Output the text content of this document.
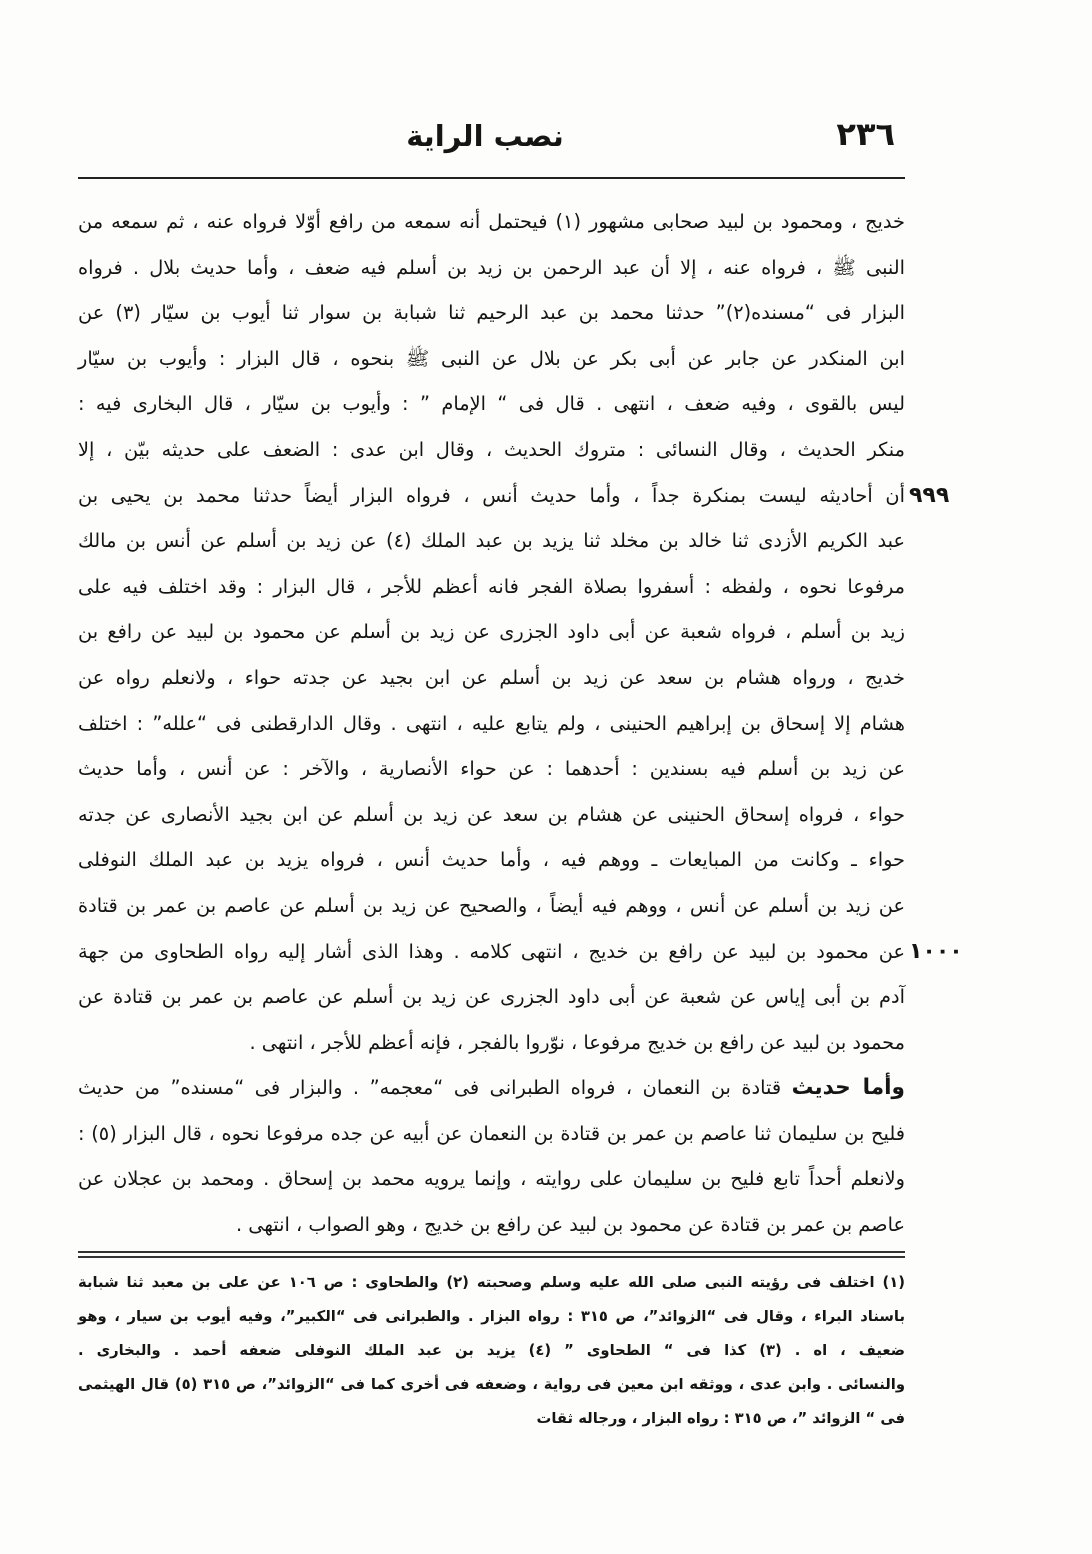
٢٣٦
نصب الراية
خديج ، ومحمود بن لبيد صحابى مشهور (١) فيحتمل أنه سمعه من رافع أوّلا فرواه عنه ، ثم سمعه من
النبى ﷺ ، فرواه عنه ، إلا أن عبد الرحمن بن زيد بن أسلم فيه ضعف ، وأما حديث بلال . فرواه
البزار فى “مسنده(٢)” حدثنا محمد بن عبد الرحيم ثنا شبابة بن سوار ثنا أيوب بن سيّار (٣) عن
ابن المنكدر عن جابر عن أبى بكر عن بلال عن النبى ﷺ بنحوه ، قال البزار : وأيوب بن سيّار
ليس بالقوى ، وفيه ضعف ، انتهى . قال فى “ الإمام ” : وأيوب بن سيّار ، قال البخارى فيه :
منكر الحديث ، وقال النسائى : متروك الحديث ، وقال ابن عدى : الضعف على حديثه بيّن ، إلا
أن أحاديثه ليست بمنكرة جداً ، وأما حديث أنس ، فرواه البزار أيضاً حدثنا محمد بن يحيى بن ٩٩٩
عبد الكريم الأزدى ثنا خالد بن مخلد ثنا يزيد بن عبد الملك (٤) عن زيد بن أسلم عن أنس بن مالك
مرفوعا نحوه ، ولفظه : أسفروا بصلاة الفجر فانه أعظم للأجر ، قال البزار : وقد اختلف فيه على
زيد بن أسلم ، فرواه شعبة عن أبى داود الجزرى عن زيد بن أسلم عن محمود بن لبيد عن رافع بن
خديج ، ورواه هشام بن سعد عن زيد بن أسلم عن ابن بجيد عن جدته حواء ، ولانعلم رواه عن
هشام إلا إسحاق بن إبراهيم الحنينى ، ولم يتابع عليه ، انتهى . وقال الدارقطنى فى “علله” : اختلف
عن زيد بن أسلم فيه بسندين : أحدهما : عن حواء الأنصارية ، والآخر : عن أنس ، وأما حديث
حواء ، فرواه إسحاق الحنينى عن هشام بن سعد عن زيد بن أسلم عن ابن بجيد الأنصارى عن جدته
حواء ـ وكانت من المبايعات ـ ووهم فيه ، وأما حديث أنس ، فرواه يزيد بن عبد الملك النوفلى
عن زيد بن أسلم عن أنس ، ووهم فيه أيضاً ، والصحيح عن زيد بن أسلم عن عاصم بن عمر بن قتادة
عن محمود بن لبيد عن رافع بن خديج ، انتهى كلامه . وهذا الذى أشار إليه رواه الطحاوى من جهة ١٠٠٠
آدم بن أبى إياس عن شعبة عن أبى داود الجزرى عن زيد بن أسلم عن عاصم بن عمر بن قتادة عن
محمود بن لبيد عن رافع بن خديج مرفوعا ، نوّروا بالفجر ، فإنه أعظم للأجر ، انتهى .
وأما حديث قتادة بن النعمان ، فرواه الطبرانى فى “معجمه” . والبزار فى “مسنده” من حديث
فليح بن سليمان ثنا عاصم بن عمر بن قتادة بن النعمان عن أبيه عن جده مرفوعا نحوه ، قال البزار (٥) :
ولانعلم أحداً تابع فليح بن سليمان على روايته ، وإنما يرويه محمد بن إسحاق . ومحمد بن عجلان عن
عاصم بن عمر بن قتادة عن محمود بن لبيد عن رافع بن خديج ، وهو الصواب ، انتهى .
(١) اختلف فى رؤيته النبى صلى الله عليه وسلم وصحبته (٢) والطحاوى : ص ١٠٦ عن على بن معبد ثنا شبابة
باسناد البراء ، وقال فى “الزوائد”، ص ٣١٥ : رواه البزار . والطبرانى فى “الكبير”، وفيه أيوب بن سيار ، وهو
ضعيف ، اه . (٣) كذا فى “ الطحاوى ” (٤) يزيد بن عبد الملك النوفلى ضعفه أحمد . والبخارى .
والنسائى . وابن عدى ، ووثقه ابن معين فى رواية ، وضعفه فى أخرى كما فى “الزوائد”، ص ٣١٥ (٥) قال الهيثمى
فى “ الزوائد ”، ص ٣١٥ : رواه البزار ، ورجاله ثقات
